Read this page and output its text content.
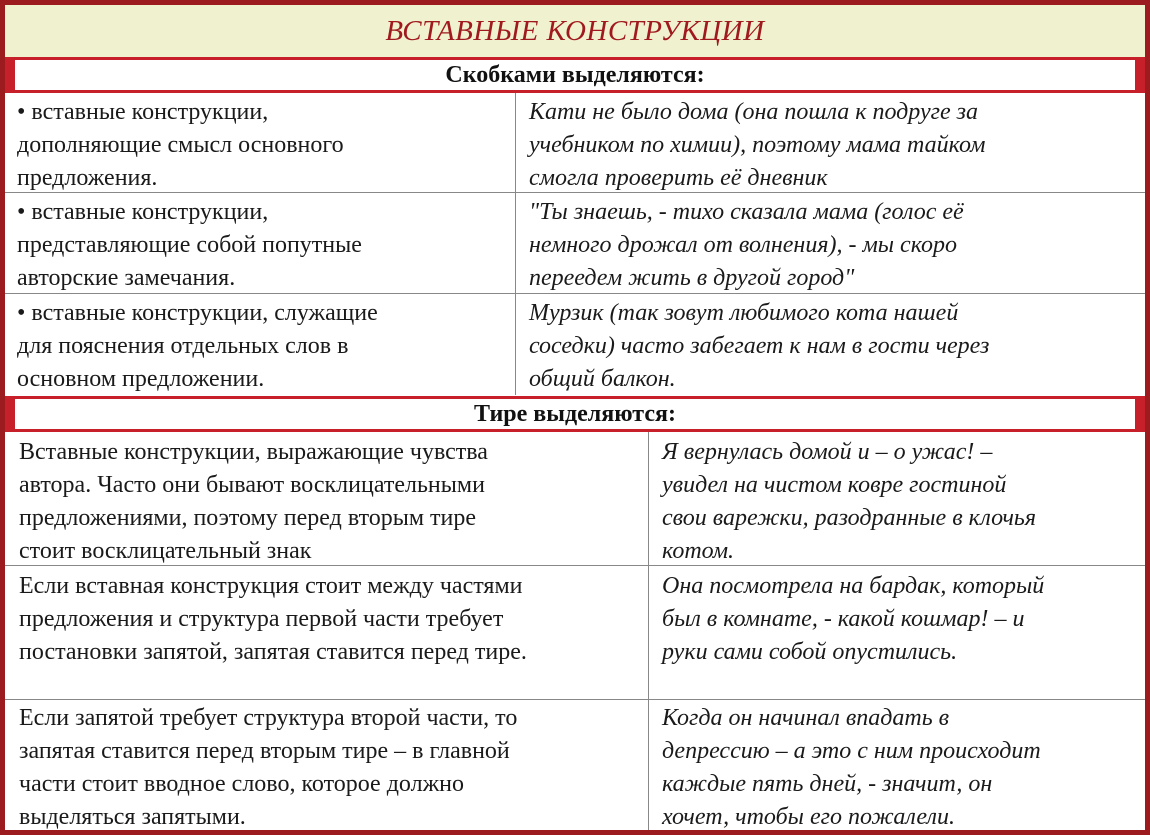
ВСТАВНЫЕ КОНСТРУКЦИИ
Скобками выделяются:
• вставные конструкции,
дополняющие смысл основного
предложения.
Кати не было дома (она пошла к подруге за
учебником по химии), поэтому мама тайком
смогла проверить её дневник
• вставные конструкции,
представляющие собой попутные
авторские замечания.
"Ты знаешь, - тихо сказала мама (голос её
немного дрожал от волнения), - мы скоро
переедем жить в другой город"
• вставные конструкции, служащие
для пояснения отдельных слов в
основном предложении.
Мурзик (так зовут любимого кота нашей
соседки) часто забегает к нам в гости через
общий балкон.
Тире выделяются:
Вставные конструкции, выражающие чувства
автора. Часто они бывают восклицательными
предложениями, поэтому перед вторым тире
стоит восклицательный знак
Я вернулась домой и – о ужас! –
увидел на чистом ковре гостиной
свои варежки, разодранные в клочья
котом.
Если вставная конструкция стоит между частями
предложения и структура первой части требует
постановки запятой, запятая ставится перед тире.
Она посмотрела на бардак, который
был в комнате, - какой кошмар! – и
руки сами собой опустились.
Если запятой требует структура второй части, то
запятая ставится перед вторым тире – в главной
части стоит вводное слово, которое должно
выделяться запятыми.
Когда он начинал впадать в
депрессию – а это с ним происходит
каждые пять дней, - значит, он
хочет, чтобы его пожалели.
